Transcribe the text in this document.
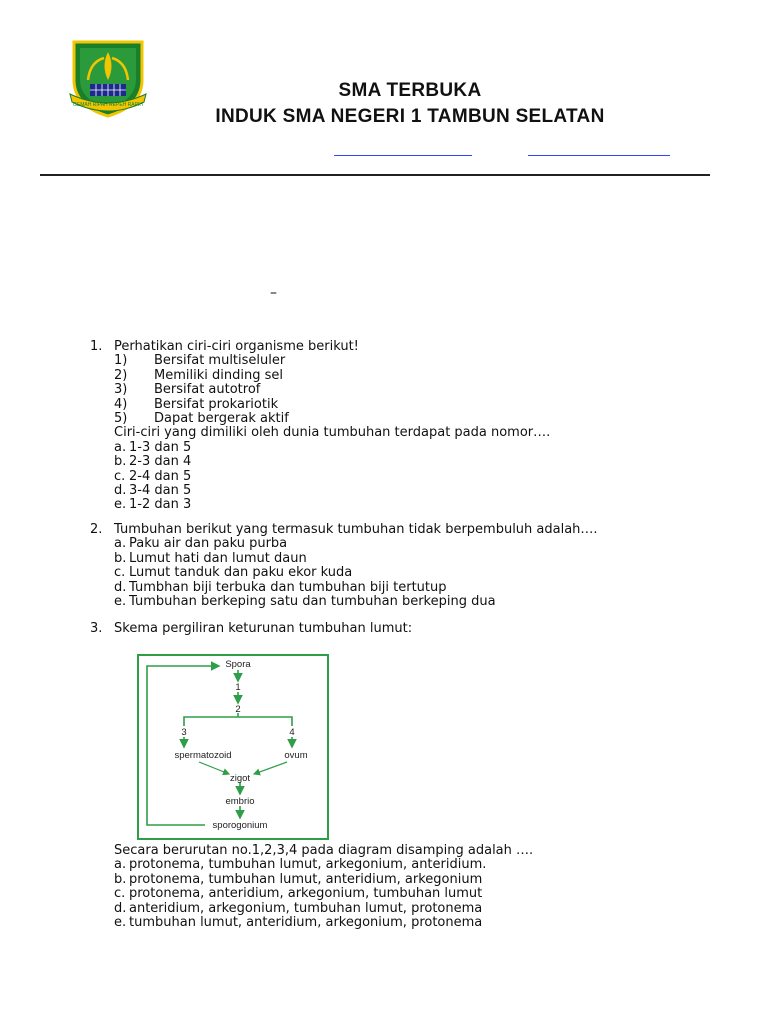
GEMAH RIPAH REPEH RAPIH
SMA TERBUKA
INDUK SMA NEGERI 1 TAMBUN SELATAN
–
1. Perhatikan ciri-ciri organisme berikut!
1) Bersifat multiseluler
2) Memiliki dinding sel
3) Bersifat autotrof
4) Bersifat prokariotik
5) Dapat bergerak aktif
Ciri-ciri yang dimiliki oleh dunia tumbuhan terdapat pada nomor….
a. 1-3 dan 5
b. 2-3 dan 4
c. 2-4 dan 5
d. 3-4 dan 5
e. 1-2 dan 3
2. Tumbuhan berikut yang termasuk tumbuhan tidak berpembuluh adalah….
a. Paku air dan paku purba
b. Lumut hati dan lumut daun
c. Lumut tanduk dan paku ekor kuda
d. Tumbhan biji terbuka dan tumbuhan biji tertutup
e. Tumbuhan berkeping satu dan tumbuhan berkeping dua
3. Skema pergiliran keturunan tumbuhan lumut:
Spora
1
2
3	4
spermatozoid	ovum
zigot
embrio
sporogonium
Secara berurutan no.1,2,3,4 pada diagram disamping adalah ….
a. protonema, tumbuhan lumut, arkegonium, anteridium.
b. protonema, tumbuhan lumut, anteridium, arkegonium
c. protonema, anteridium, arkegonium, tumbuhan lumut
d. anteridium, arkegonium, tumbuhan lumut, protonema
e. tumbuhan lumut, anteridium, arkegonium, protonema
